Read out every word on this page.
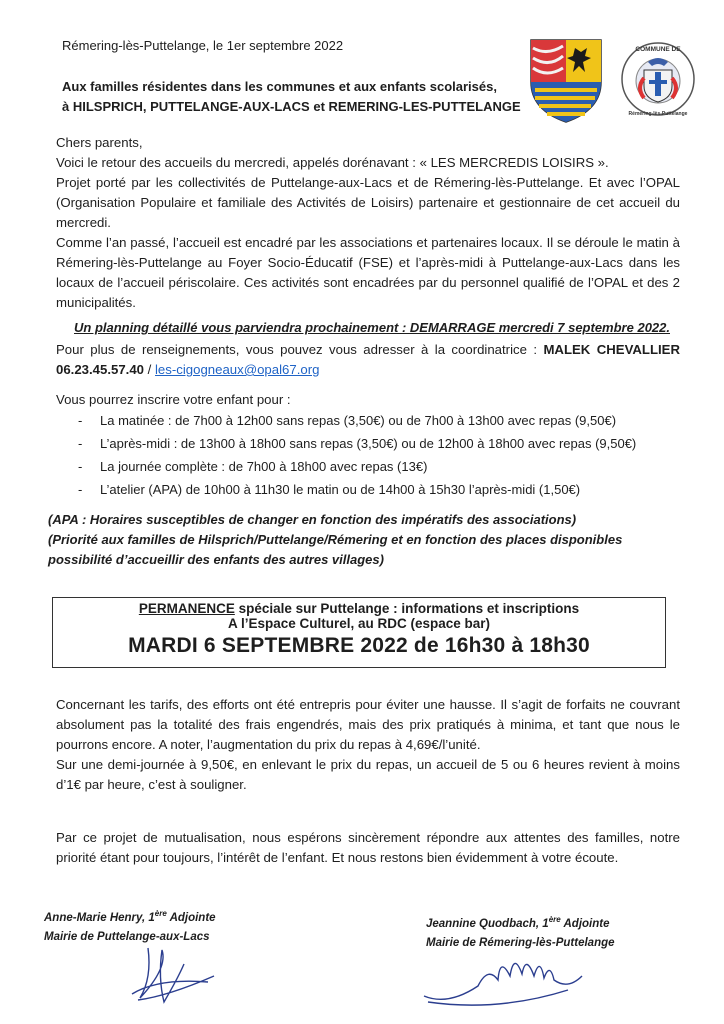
Rémering-lès-Puttelange, le 1er septembre 2022
Aux familles résidentes dans les communes et aux enfants scolarisés,
à HILSPRICH, PUTTELANGE-AUX-LACS et REMERING-LES-PUTTELANGE
COMMUNE DE
Rémering-lès-Puttelange
Chers parents,
Voici le retour des accueils du mercredi, appelés dorénavant : « LES MERCREDIS LOISIRS ».
Projet porté par les collectivités de Puttelange-aux-Lacs et de Rémering-lès-Puttelange. Et avec l’OPAL (Organisation Populaire et familiale des Activités de Loisirs) partenaire et gestionnaire de cet accueil du mercredi.
Comme l’an passé, l’accueil est encadré par les associations et partenaires locaux. Il se déroule le matin à Rémering-lès-Puttelange au Foyer Socio-Éducatif (FSE) et l’après-midi à Puttelange-aux-Lacs dans les locaux de l’accueil périscolaire. Ces activités sont encadrées par du personnel qualifié de l’OPAL et des 2 municipalités.
Un planning détaillé vous parviendra prochainement : DEMARRAGE mercredi 7 septembre 2022.
Pour plus de renseignements, vous pouvez vous adresser à la coordinatrice : MALEK CHEVALLIER 06.23.45.57.40 / les-cigogneaux@opal67.org
Vous pourrez inscrire votre enfant pour :
- La matinée : de 7h00 à 12h00 sans repas (3,50€) ou de 7h00 à 13h00 avec repas (9,50€)
- L’après-midi : de 13h00 à 18h00 sans repas (3,50€) ou de 12h00 à 18h00 avec repas (9,50€)
- La journée complète : de 7h00 à 18h00 avec repas (13€)
- L’atelier (APA) de 10h00 à 11h30 le matin ou de 14h00 à 15h30 l’après-midi (1,50€)
(APA : Horaires susceptibles de changer en fonction des impératifs des associations)
(Priorité aux familles de Hilsprich/Puttelange/Rémering et en fonction des places disponibles possibilité d’accueillir des enfants des autres villages)
PERMANENCE spéciale sur Puttelange : informations et inscriptions
A l’Espace Culturel, au RDC (espace bar)
MARDI 6 SEPTEMBRE 2022 de 16h30 à 18h30
Concernant les tarifs, des efforts ont été entrepris pour éviter une hausse. Il s’agit de forfaits ne couvrant absolument pas la totalité des frais engendrés, mais des prix pratiqués à minima, et tant que nous le pourrons encore. A noter, l’augmentation du prix du repas à 4,69€/l’unité.
Sur une demi-journée à 9,50€, en enlevant le prix du repas, un accueil de 5 ou 6 heures revient à moins d’1€ par heure, c’est à souligner.
Par ce projet de mutualisation, nous espérons sincèrement répondre aux attentes des familles, notre priorité étant pour toujours, l’intérêt de l’enfant. Et nous restons bien évidemment à votre écoute.
Anne-Marie Henry, 1ère Adjointe
Mairie de Puttelange-aux-Lacs
Jeannine Quodbach, 1ère Adjointe
Mairie de Rémering-lès-Puttelange
